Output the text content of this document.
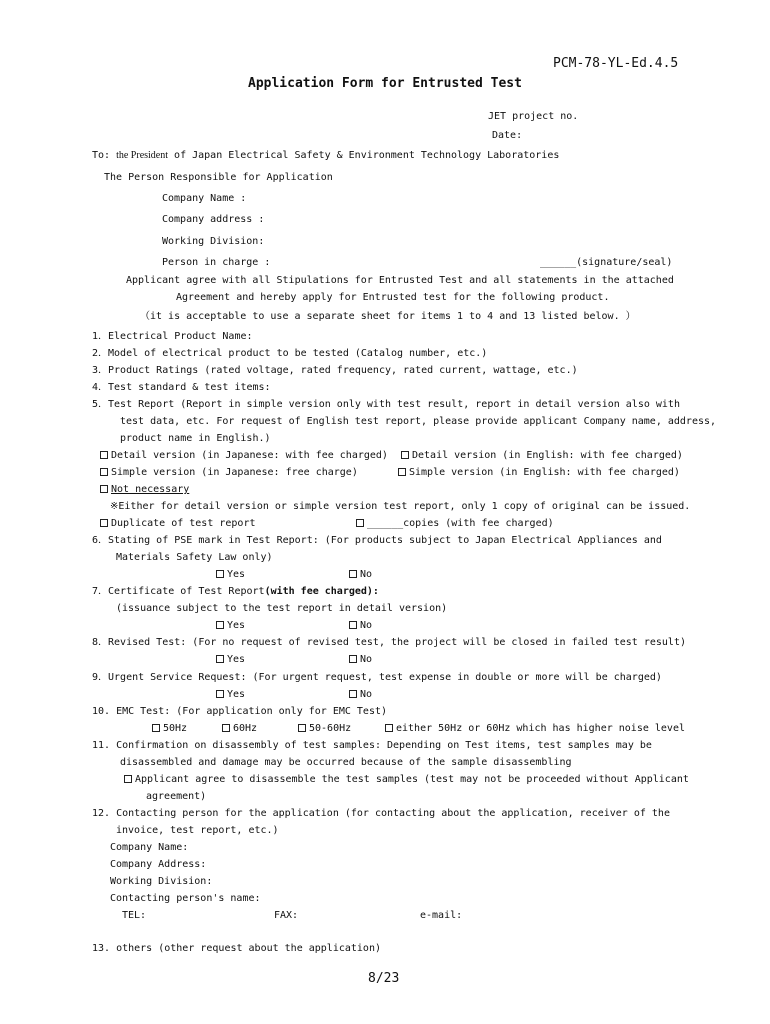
PCM-78-YL-Ed.4.5
Application Form for Entrusted Test
JET project no.
Date:
To: the President of Japan Electrical Safety & Environment Technology Laboratories
The Person Responsible for Application
Company Name :
Company address :
Working Division:
Person in charge :	______(signature/seal)
Applicant agree with all Stipulations for Entrusted Test and all statements in the attached
Agreement and hereby apply for Entrusted test for the following product.
（it is acceptable to use a separate sheet for items 1 to 4 and 13 listed below. ）
1．Electrical Product Name:
2．Model of electrical product to be tested (Catalog number, etc.)
3．Product Ratings (rated voltage, rated frequency, rated current, wattage, etc.)
4．Test standard & test items:
5．Test Report (Report in simple version only with test result, report in detail version also with
test data, etc. For request of English test report, please provide applicant Company name, address,
product name in English.)
Detail version (in Japanese: with fee charged)	Detail version (in English: with fee charged)
Simple version (in Japanese: free charge)	Simple version (in English: with fee charged)
Not necessary
※Either for detail version or simple version test report, only 1 copy of original can be issued.
Duplicate of test report	______copies (with fee charged)
6．Stating of PSE mark in Test Report: (For products subject to Japan Electrical Appliances and
Materials Safety Law only)
Yes	No
7．Certificate of Test Report(with fee charged):
(issuance subject to the test report in detail version)
Yes	No
8．Revised Test: (For no request of revised test, the project will be closed in failed test result)
Yes	No
9．Urgent Service Request: (For urgent request, test expense in double or more will be charged)
Yes	No
10. EMC Test: (For application only for EMC Test)
50Hz	60Hz	50-60Hz	either 50Hz or 60Hz which has higher noise level
11. Confirmation on disassembly of test samples: Depending on Test items, test samples may be
disassembled and damage may be occurred because of the sample disassembling
Applicant agree to disassemble the test samples (test may not be proceeded without Applicant
agreement)
12. Contacting person for the application (for contacting about the application, receiver of the
invoice, test report, etc.)
Company Name:
Company Address:
Working Division:
Contacting person's name:
TEL:	FAX:	e-mail:
13. others (other request about the application)
8/23
